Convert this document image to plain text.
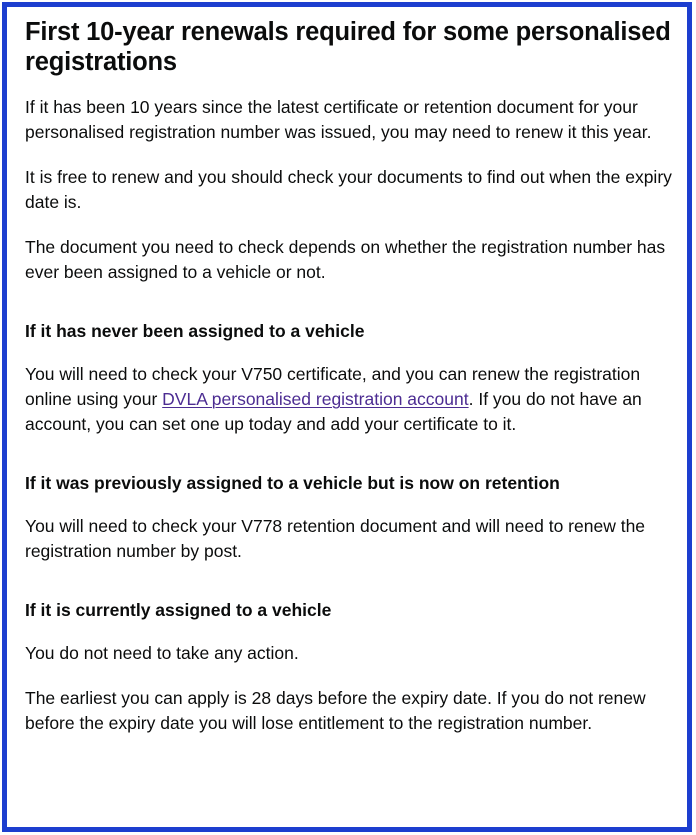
First 10-year renewals required for some personalised registrations

If it has been 10 years since the latest certificate or retention document for your personalised registration number was issued, you may need to renew it this year.

It is free to renew and you should check your documents to find out when the expiry date is.

The document you need to check depends on whether the registration number has ever been assigned to a vehicle or not.

If it has never been assigned to a vehicle

You will need to check your V750 certificate, and you can renew the registration online using your DVLA personalised registration account. If you do not have an account, you can set one up today and add your certificate to it.

If it was previously assigned to a vehicle but is now on retention

You will need to check your V778 retention document and will need to renew the registration number by post.

If it is currently assigned to a vehicle

You do not need to take any action.

The earliest you can apply is 28 days before the expiry date. If you do not renew before the expiry date you will lose entitlement to the registration number.
